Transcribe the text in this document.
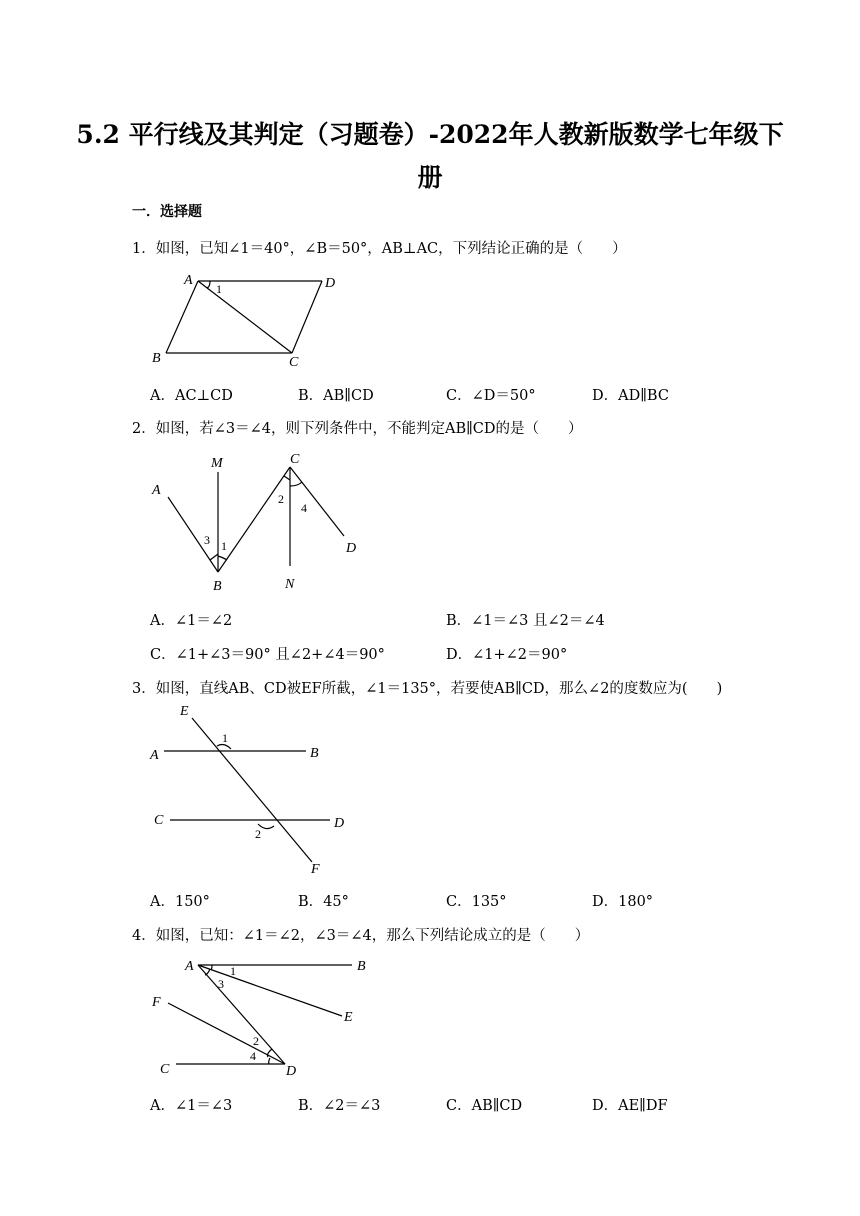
5.2 平行线及其判定（习题卷）-2022年人教新版数学七年级下
册
一．选择题
1．如图，已知∠1＝40°，∠B＝50°，AB⊥AC，下列结论正确的是（　　）
A	D
B	C
1
A．AC⊥CD	B．AB∥CD	C．∠D＝50°	D．AD∥BC
2．如图，若∠3＝∠4，则下列条件中，不能判定AB∥CD的是（　　）
M	C
A
D
B	N
3 1
2
4
A．∠1＝∠2	B．∠1＝∠3 且∠2＝∠4
C．∠1+∠3＝90° 且∠2+∠4＝90°	D．∠1+∠2＝90°
3．如图，直线AB、CD被EF所截，∠1＝135°，若要使AB∥CD，那么∠2的度数应为(　　)
E
A	B
C	D
F
1
2
A．150°	B．45°	C．135°	D．180°
4．如图，已知：∠1＝∠2，∠3＝∠4，那么下列结论成立的是（　　）
A	B
F
E
C	D
1
3
2
4
A．∠1＝∠3	B．∠2＝∠3	C．AB∥CD	D．AE∥DF
